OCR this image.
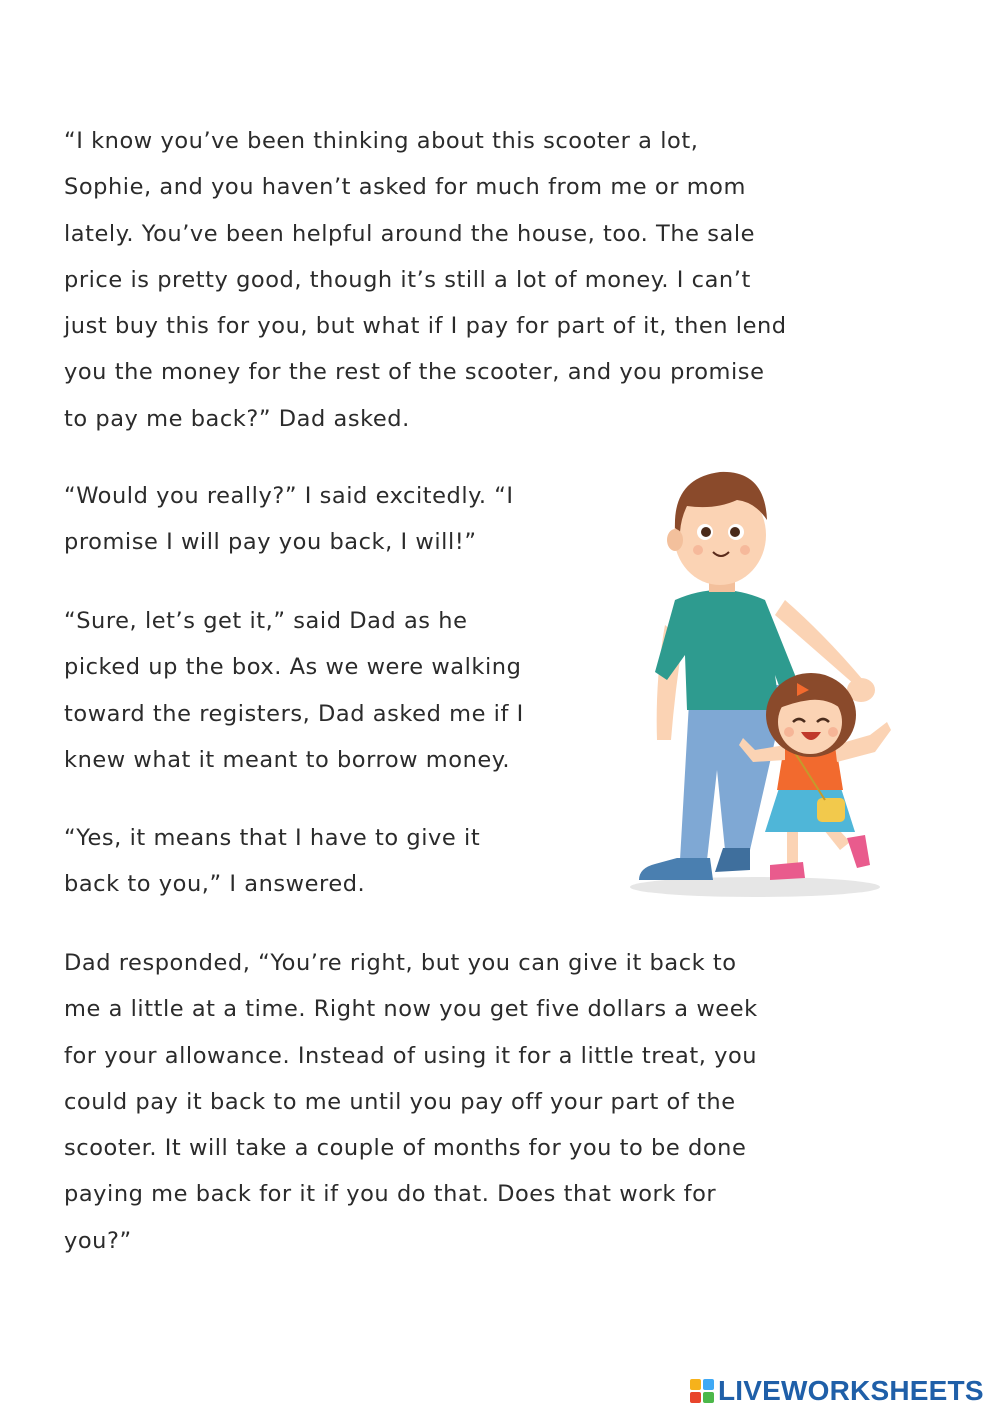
“I know you’ve been thinking about this scooter a lot,
Sophie, and you haven’t asked for much from me or mom
lately. You’ve been helpful around the house, too. The sale
price is pretty good, though it’s still a lot of money. I can’t
just buy this for you, but what if I pay for part of it, then lend
you the money for the rest of the scooter, and you promise
to pay me back?” Dad asked.
“Would you really?” I said excitedly. “I
promise I will pay you back, I will!”
“Sure, let’s get it,” said Dad as he
picked up the box. As we were walking
toward the registers, Dad asked me if I
knew what it meant to borrow money.
“Yes, it means that I have to give it
back to you,” I answered.
Dad responded, “You’re right, but you can give it back to
me a little at a time. Right now you get five dollars a week
for your allowance. Instead of using it for a little treat, you
could pay it back to me until you pay off your part of the
scooter. It will take a couple of months for you to be done
paying me back for it if you do that. Does that work for
you?”
LIVEWORKSHEETS
